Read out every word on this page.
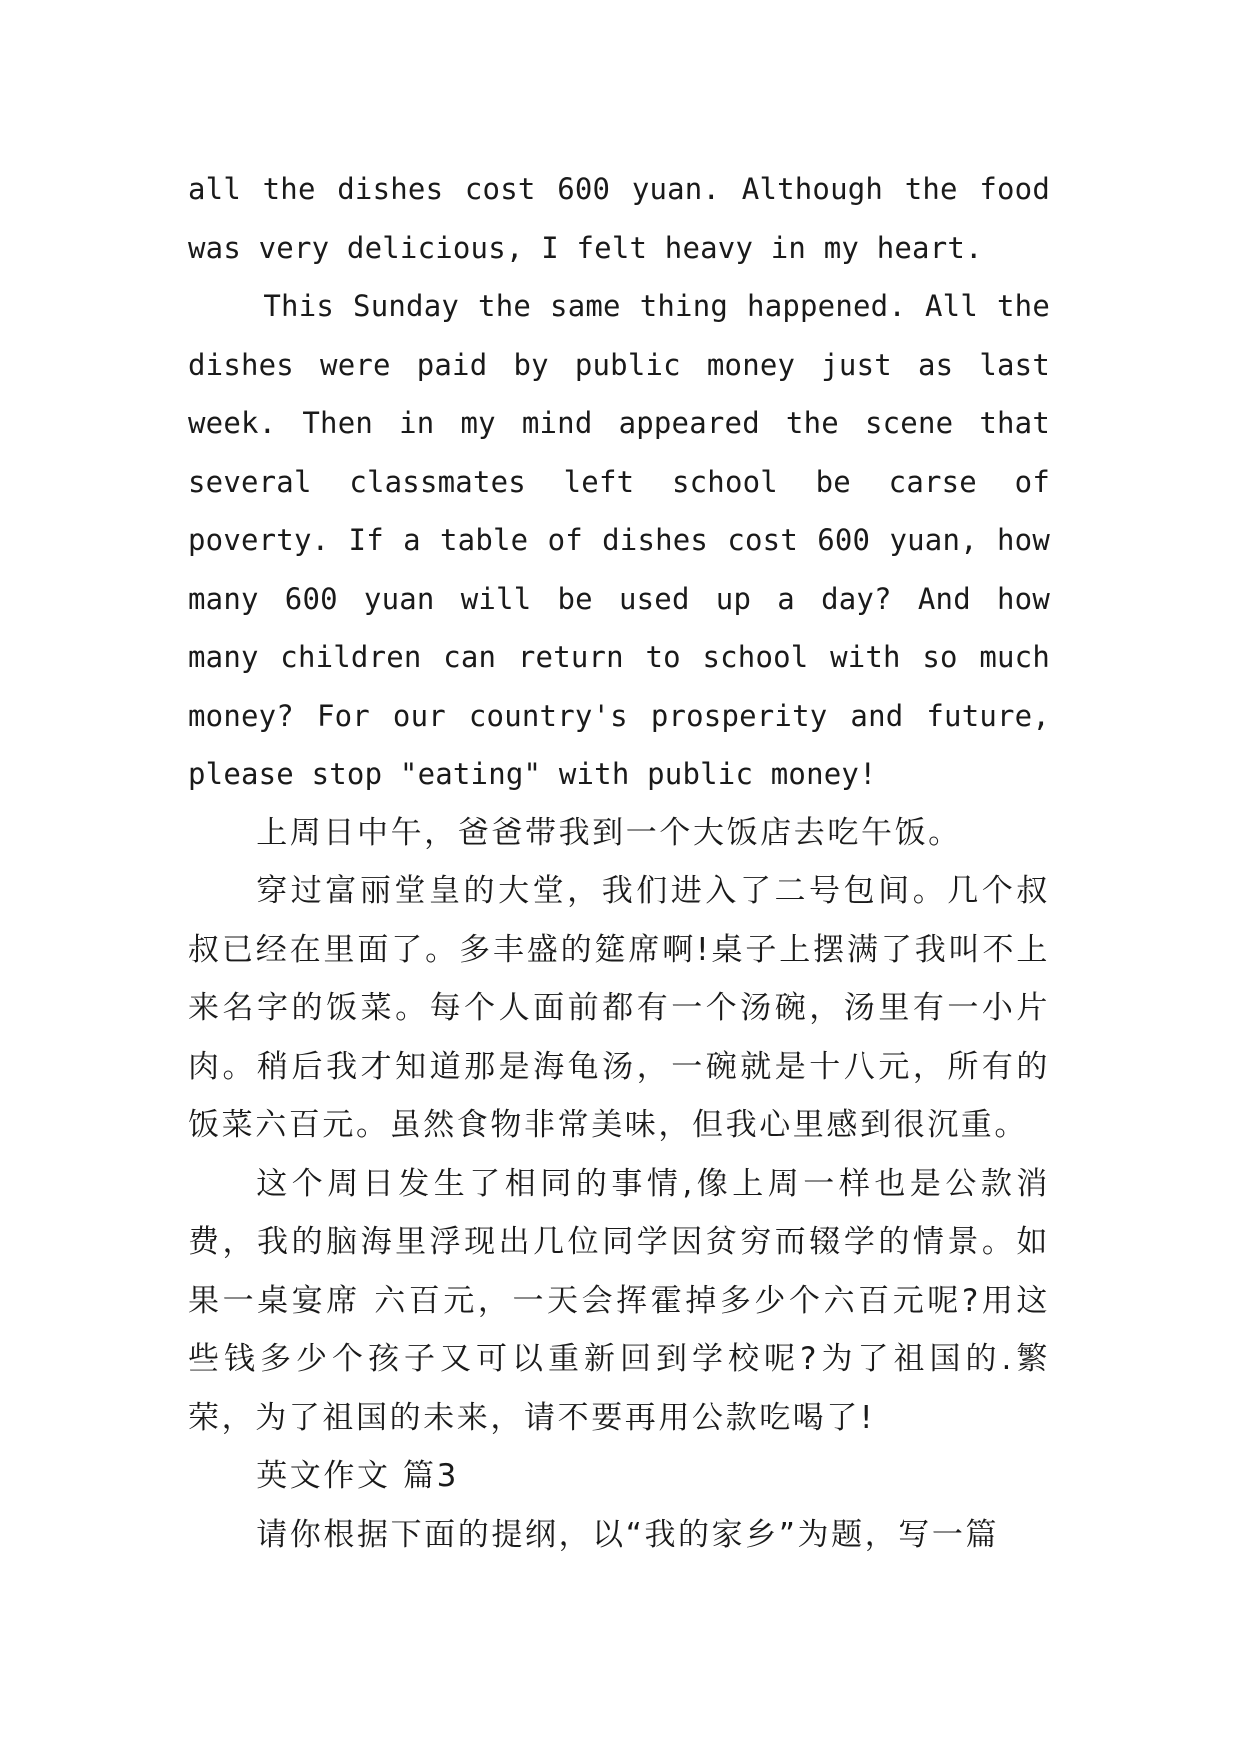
all the dishes cost 600 yuan. Although the food was very delicious, I felt heavy in my heart.

This Sunday the same thing happened. All the dishes were paid by public money just as last week. Then in my mind appeared the scene that several classmates left school be carse of poverty. If a table of dishes cost 600 yuan, how many 600 yuan will be used up a day? And how many children can return to school with so much money? For our country's prosperity and future, please stop "eating" with public money!

上周日中午，爸爸带我到一个大饭店去吃午饭。

穿过富丽堂皇的大堂，我们进入了二号包间。几个叔叔已经在里面了。多丰盛的筵席啊!桌子上摆满了我叫不上来名字的饭菜。每个人面前都有一个汤碗，汤里有一小片肉。稍后我才知道那是海龟汤，一碗就是十八元，所有的饭菜六百元。虽然食物非常美味，但我心里感到很沉重。

这个周日发生了相同的事情,像上周一样也是公款消费，我的脑海里浮现出几位同学因贫穷而辍学的情景。如果一桌宴席 六百元，一天会挥霍掉多少个六百元呢?用这些钱多少个孩子又可以重新回到学校呢?为了祖国的.繁荣，为了祖国的未来，请不要再用公款吃喝了!

英文作文 篇3

请你根据下面的提纲，以“我的家乡”为题，写一篇
